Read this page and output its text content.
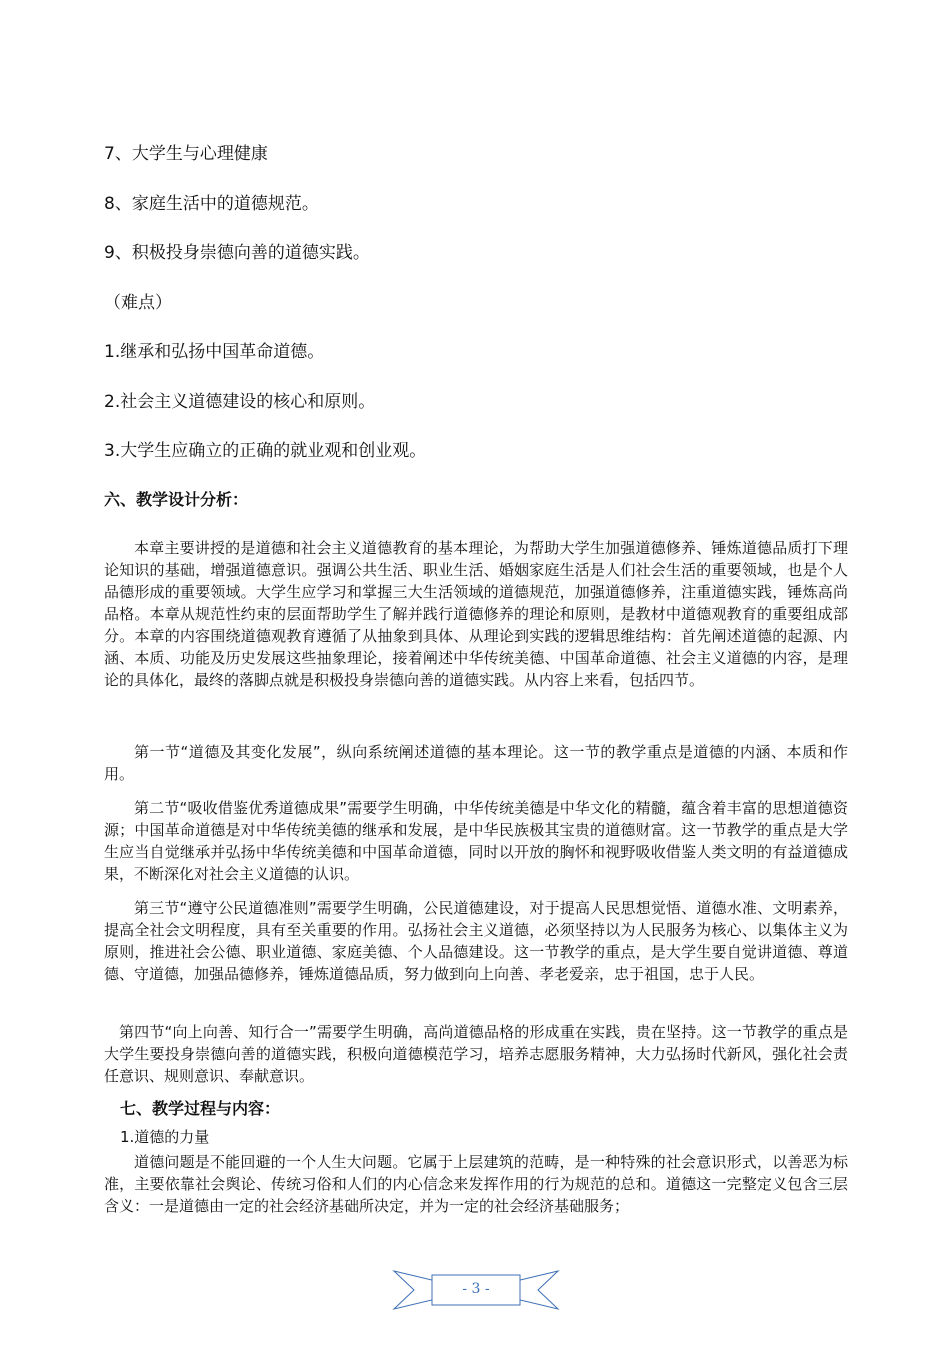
7、大学生与心理健康
8、家庭生活中的道德规范。
9、积极投身崇德向善的道德实践。
（难点）
1.继承和弘扬中国革命道德。
2.社会主义道德建设的核心和原则。
3.大学生应确立的正确的就业观和创业观。
六、教学设计分析：
本章主要讲授的是道德和社会主义道德教育的基本理论，为帮助大学生加强道德修养、锤炼道德品质打下理论知识的基础，增强道德意识。强调公共生活、职业生活、婚姻家庭生活是人们社会生活的重要领域，也是个人品德形成的重要领域。大学生应学习和掌握三大生活领域的道德规范，加强道德修养，注重道德实践，锤炼高尚品格。本章从规范性约束的层面帮助学生了解并践行道德修养的理论和原则，是教材中道德观教育的重要组成部分。本章的内容围绕道德观教育遵循了从抽象到具体、从理论到实践的逻辑思维结构：首先阐述道德的起源、内涵、本质、功能及历史发展这些抽象理论，接着阐述中华传统美德、中国革命道德、社会主义道德的内容，是理论的具体化，最终的落脚点就是积极投身崇德向善的道德实践。从内容上来看，包括四节。
第一节“道德及其变化发展”，纵向系统阐述道德的基本理论。这一节的教学重点是道德的内涵、本质和作用。
第二节“吸收借鉴优秀道德成果”需要学生明确，中华传统美德是中华文化的精髓，蕴含着丰富的思想道德资源；中国革命道德是对中华传统美德的继承和发展，是中华民族极其宝贵的道德财富。这一节教学的重点是大学生应当自觉继承并弘扬中华传统美德和中国革命道德，同时以开放的胸怀和视野吸收借鉴人类文明的有益道德成果，不断深化对社会主义道德的认识。
第三节“遵守公民道德准则”需要学生明确，公民道德建设，对于提高人民思想觉悟、道德水准、文明素养，提高全社会文明程度，具有至关重要的作用。弘扬社会主义道德，必须坚持以为人民服务为核心、以集体主义为原则，推进社会公德、职业道德、家庭美德、个人品德建设。这一节教学的重点，是大学生要自觉讲道德、尊道德、守道德，加强品德修养，锤炼道德品质，努力做到向上向善、孝老爱亲，忠于祖国，忠于人民。
第四节“向上向善、知行合一”需要学生明确，高尚道德品格的形成重在实践，贵在坚持。这一节教学的重点是大学生要投身崇德向善的道德实践，积极向道德模范学习，培养志愿服务精神，大力弘扬时代新风，强化社会责任意识、规则意识、奉献意识。
七、教学过程与内容：
1.道德的力量
道德问题是不能回避的一个人生大问题。它属于上层建筑的范畴，是一种特殊的社会意识形式，以善恶为标准，主要依靠社会舆论、传统习俗和人们的内心信念来发挥作用的行为规范的总和。道德这一完整定义包含三层含义：一是道德由一定的社会经济基础所决定，并为一定的社会经济基础服务；
- 3 -
